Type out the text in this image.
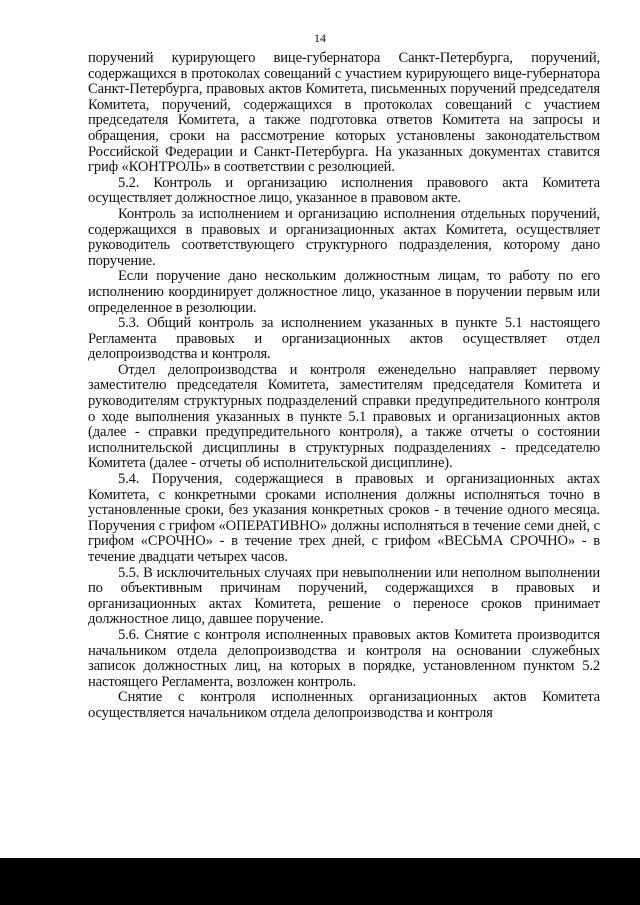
14

поручений курирующего вице-губернатора Санкт-Петербурга, поручений, содержащихся в протоколах совещаний с участием курирующего вице-губернатора Санкт-Петербурга, правовых актов Комитета, письменных поручений председателя Комитета, поручений, содержащихся в протоколах совещаний с участием председателя Комитета, а также подготовка ответов Комитета на запросы и обращения, сроки на рассмотрение которых установлены законодательством Российской Федерации и Санкт-Петербурга. На указанных документах ставится гриф «КОНТРОЛЬ» в соответствии с резолюцией.

5.2. Контроль и организацию исполнения правового акта Комитета осуществляет должностное лицо, указанное в правовом акте.

Контроль за исполнением и организацию исполнения отдельных поручений, содержащихся в правовых и организационных актах Комитета, осуществляет руководитель соответствующего структурного подразделения, которому дано поручение.

Если поручение дано нескольким должностным лицам, то работу по его исполнению координирует должностное лицо, указанное в поручении первым или определенное в резолюции.

5.3. Общий контроль за исполнением указанных в пункте 5.1 настоящего Регламента правовых и организационных актов осуществляет отдел делопроизводства и контроля.

Отдел делопроизводства и контроля еженедельно направляет первому заместителю председателя Комитета, заместителям председателя Комитета и руководителям структурных подразделений справки предупредительного контроля о ходе выполнения указанных в пункте 5.1 правовых и организационных актов (далее - справки предупредительного контроля), а также отчеты о состоянии исполнительской дисциплины в структурных подразделениях - председателю Комитета (далее - отчеты об исполнительской дисциплине).

5.4. Поручения, содержащиеся в правовых и организационных актах Комитета, с конкретными сроками исполнения должны исполняться точно в установленные сроки, без указания конкретных сроков - в течение одного месяца. Поручения с грифом «ОПЕРАТИВНО» должны исполняться в течение семи дней, с грифом «СРОЧНО» - в течение трех дней, с грифом «ВЕСЬМА СРОЧНО» - в течение двадцати четырех часов.

5.5. В исключительных случаях при невыполнении или неполном выполнении по объективным причинам поручений, содержащихся в правовых и организационных актах Комитета, решение о переносе сроков принимает должностное лицо, давшее поручение.

5.6. Снятие с контроля исполненных правовых актов Комитета производится начальником отдела делопроизводства и контроля на основании служебных записок должностных лиц, на которых в порядке, установленном пунктом 5.2 настоящего Регламента, возложен контроль.

Снятие с контроля исполненных организационных актов Комитета осуществляется начальником отдела делопроизводства и контроля
